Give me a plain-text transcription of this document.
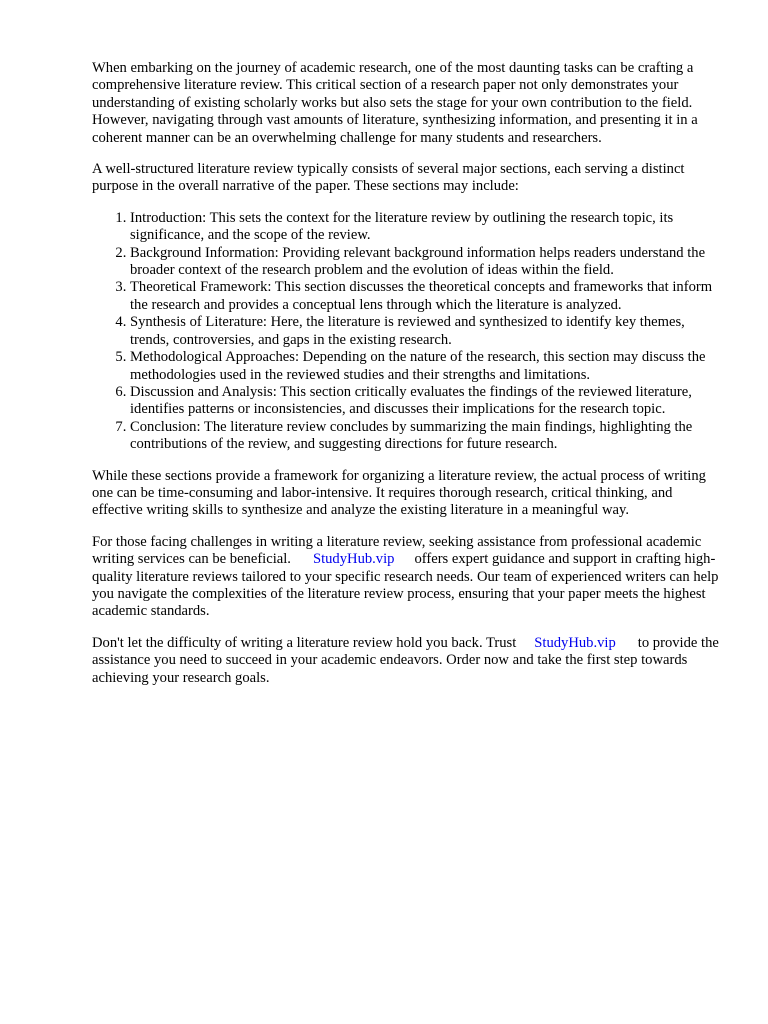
When embarking on the journey of academic research, one of the most daunting tasks can be crafting a comprehensive literature review. This critical section of a research paper not only demonstrates your understanding of existing scholarly works but also sets the stage for your own contribution to the field. However, navigating through vast amounts of literature, synthesizing information, and presenting it in a coherent manner can be an overwhelming challenge for many students and researchers.

A well-structured literature review typically consists of several major sections, each serving a distinct purpose in the overall narrative of the paper. These sections may include:

1. Introduction: This sets the context for the literature review by outlining the research topic, its significance, and the scope of the review.
2. Background Information: Providing relevant background information helps readers understand the broader context of the research problem and the evolution of ideas within the field.
3. Theoretical Framework: This section discusses the theoretical concepts and frameworks that inform the research and provides a conceptual lens through which the literature is analyzed.
4. Synthesis of Literature: Here, the literature is reviewed and synthesized to identify key themes, trends, controversies, and gaps in the existing research.
5. Methodological Approaches: Depending on the nature of the research, this section may discuss the methodologies used in the reviewed studies and their strengths and limitations.
6. Discussion and Analysis: This section critically evaluates the findings of the reviewed literature, identifies patterns or inconsistencies, and discusses their implications for the research topic.
7. Conclusion: The literature review concludes by summarizing the main findings, highlighting the contributions of the review, and suggesting directions for future research.

While these sections provide a framework for organizing a literature review, the actual process of writing one can be time-consuming and labor-intensive. It requires thorough research, critical thinking, and effective writing skills to synthesize and analyze the existing literature in a meaningful way.

For those facing challenges in writing a literature review, seeking assistance from professional academic writing services can be beneficial. StudyHub.vip offers expert guidance and support in crafting high-quality literature reviews tailored to your specific research needs. Our team of experienced writers can help you navigate the complexities of the literature review process, ensuring that your paper meets the highest academic standards.

Don't let the difficulty of writing a literature review hold you back. Trust StudyHub.vip to provide the assistance you need to succeed in your academic endeavors. Order now and take the first step towards achieving your research goals.
